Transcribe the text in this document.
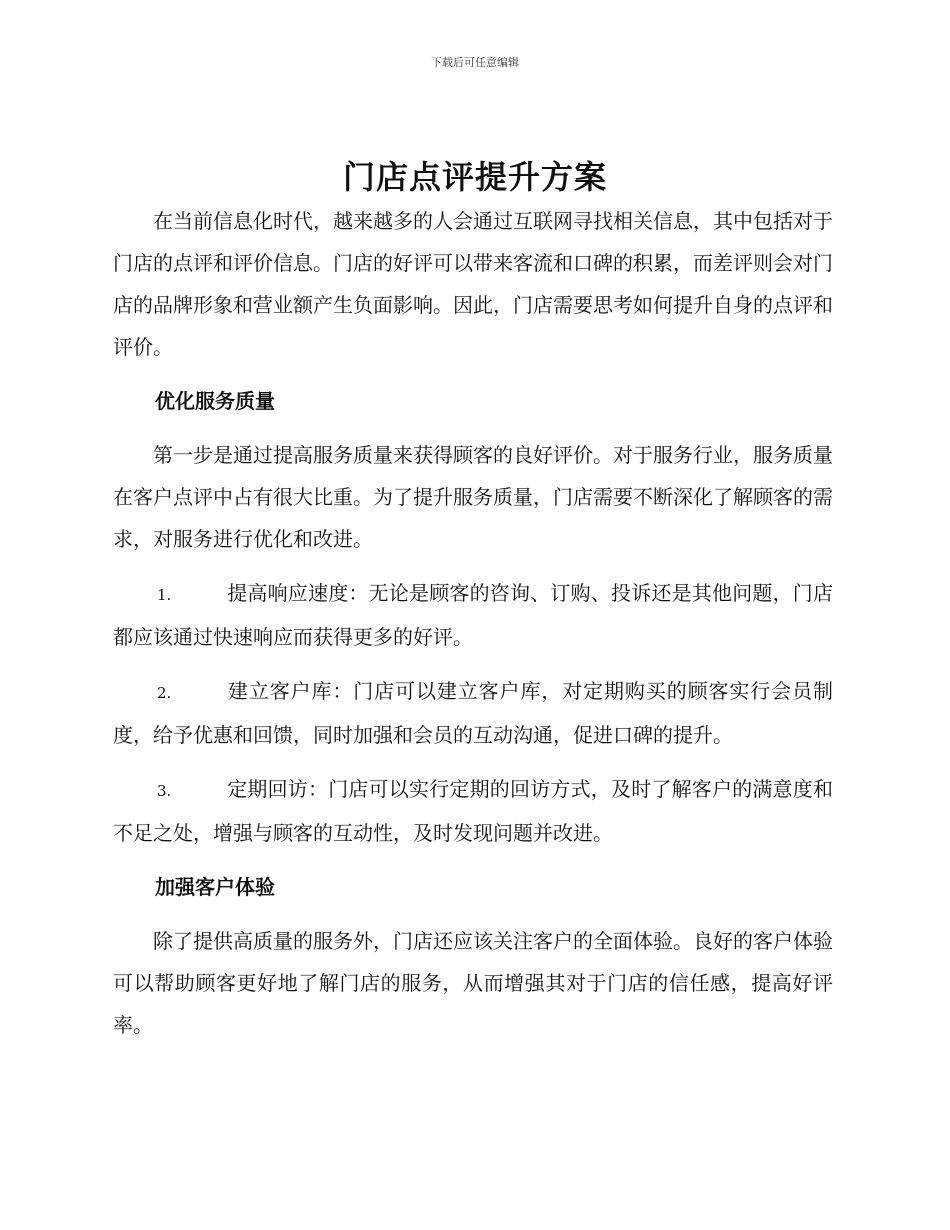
下载后可任意编辑
门店点评提升方案

在当前信息化时代，越来越多的人会通过互联网寻找相关信息，其中包括对于门店的点评和评价信息。门店的好评可以带来客流和口碑的积累，而差评则会对门店的品牌形象和营业额产生负面影响。因此，门店需要思考如何提升自身的点评和评价。

优化服务质量

第一步是通过提高服务质量来获得顾客的良好评价。对于服务行业，服务质量在客户点评中占有很大比重。为了提升服务质量，门店需要不断深化了解顾客的需求，对服务进行优化和改进。

1.	提高响应速度：无论是顾客的咨询、订购、投诉还是其他问题，门店都应该通过快速响应而获得更多的好评。
2.	建立客户库：门店可以建立客户库，对定期购买的顾客实行会员制度，给予优惠和回馈，同时加强和会员的互动沟通，促进口碑的提升。
3.	定期回访：门店可以实行定期的回访方式，及时了解客户的满意度和不足之处，增强与顾客的互动性，及时发现问题并改进。
加强客户体验

除了提供高质量的服务外，门店还应该关注客户的全面体验。良好的客户体验可以帮助顾客更好地了解门店的服务，从而增强其对于门店的信任感，提高好评率。
